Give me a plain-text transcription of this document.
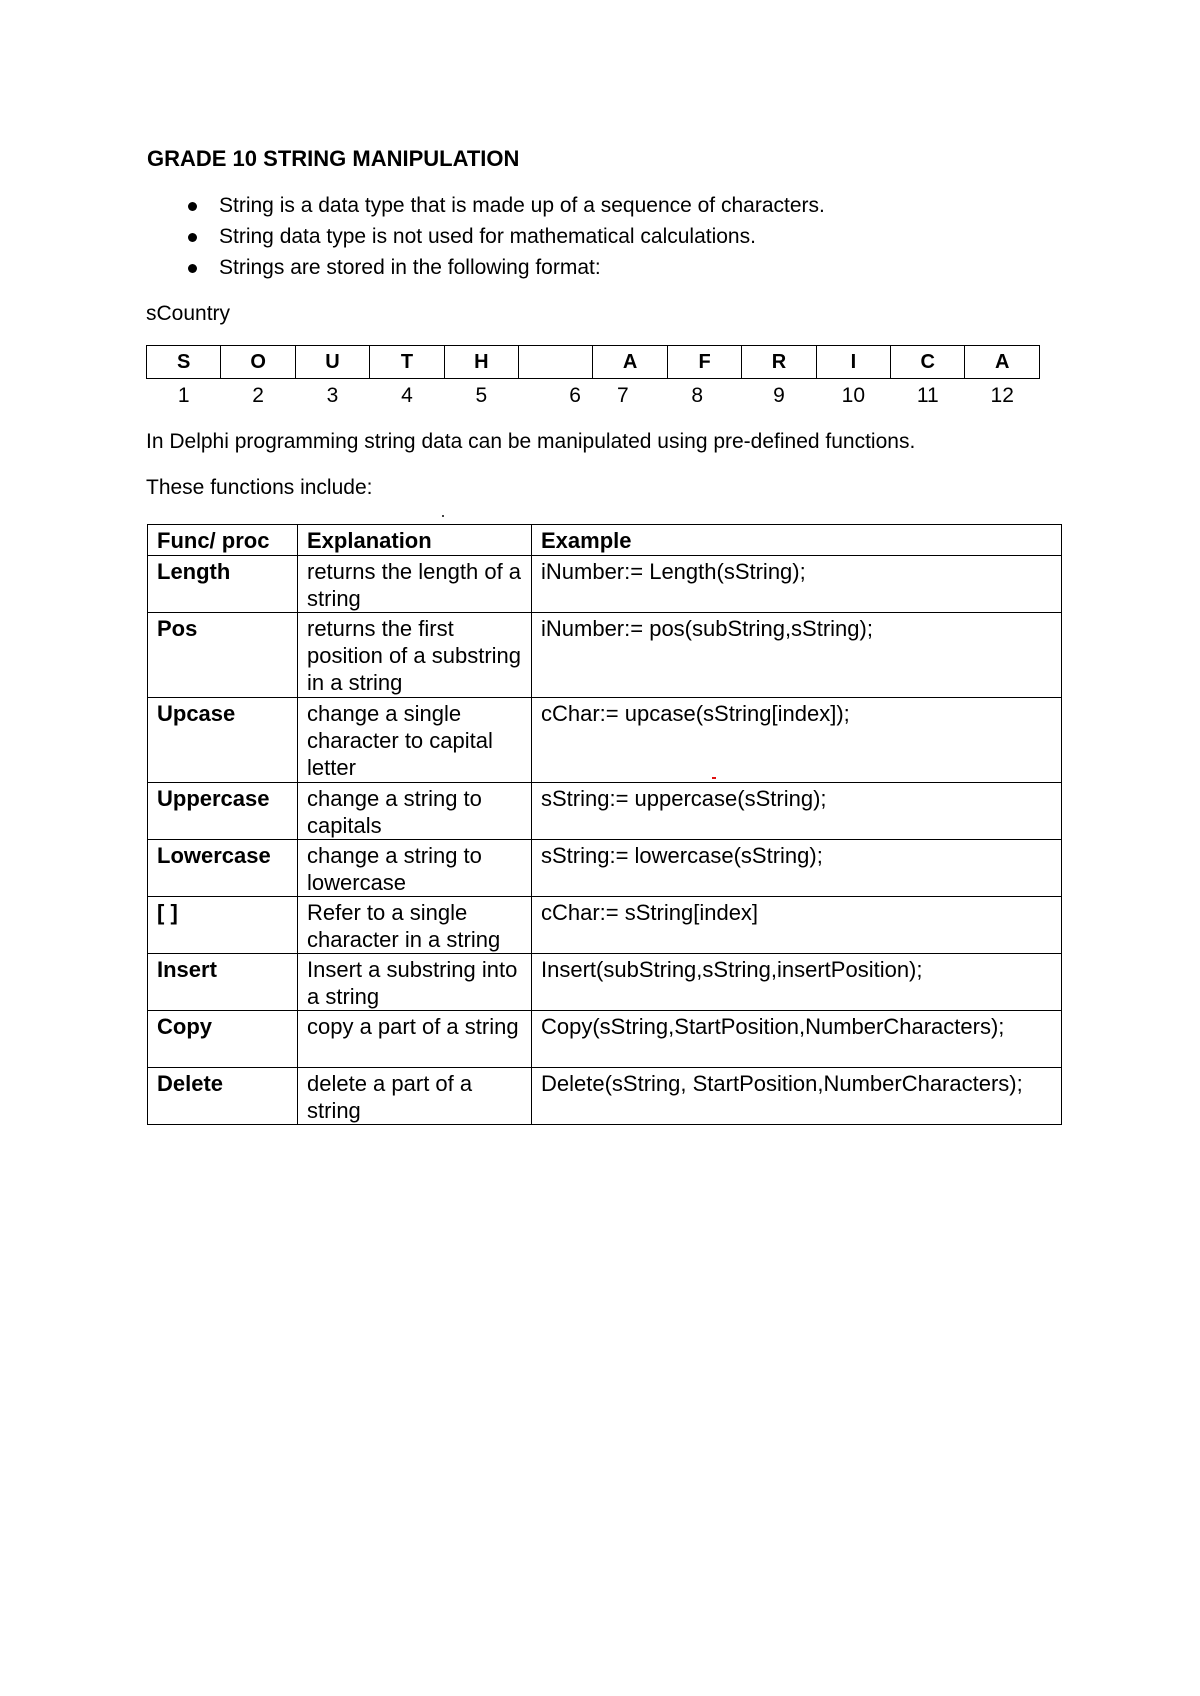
GRADE 10 STRING MANIPULATION
String is a data type that is made up of a sequence of characters.
String data type is not used for mathematical calculations.
Strings are stored in the following format:
sCountry
S	O	U	T	H		A	F	R	I	C	A
1	2	3	4	5	6	7	8	9	10	11	12
In Delphi programming string data can be manipulated using pre-defined functions.
These functions include:
Func/ proc	Explanation	Example
Length	returns the length of a string	iNumber:= Length(sString);
Pos	returns the first position of a substring in a string	iNumber:= pos(subString,sString);
Upcase	change a single character to capital letter	cChar:= upcase(sString[index]);
Uppercase	change a string to capitals	sString:= uppercase(sString);
Lowercase	change a string to lowercase	sString:= lowercase(sString);
[ ]	Refer to a single character in a string	cChar:= sString[index]
Insert	Insert a substring into a string	Insert(subString,sString,insertPosition);
Copy	copy a part of a string	Copy(sString,StartPosition,NumberCharacters);
Delete	delete a part of a string	Delete(sString, StartPosition,NumberCharacters);
